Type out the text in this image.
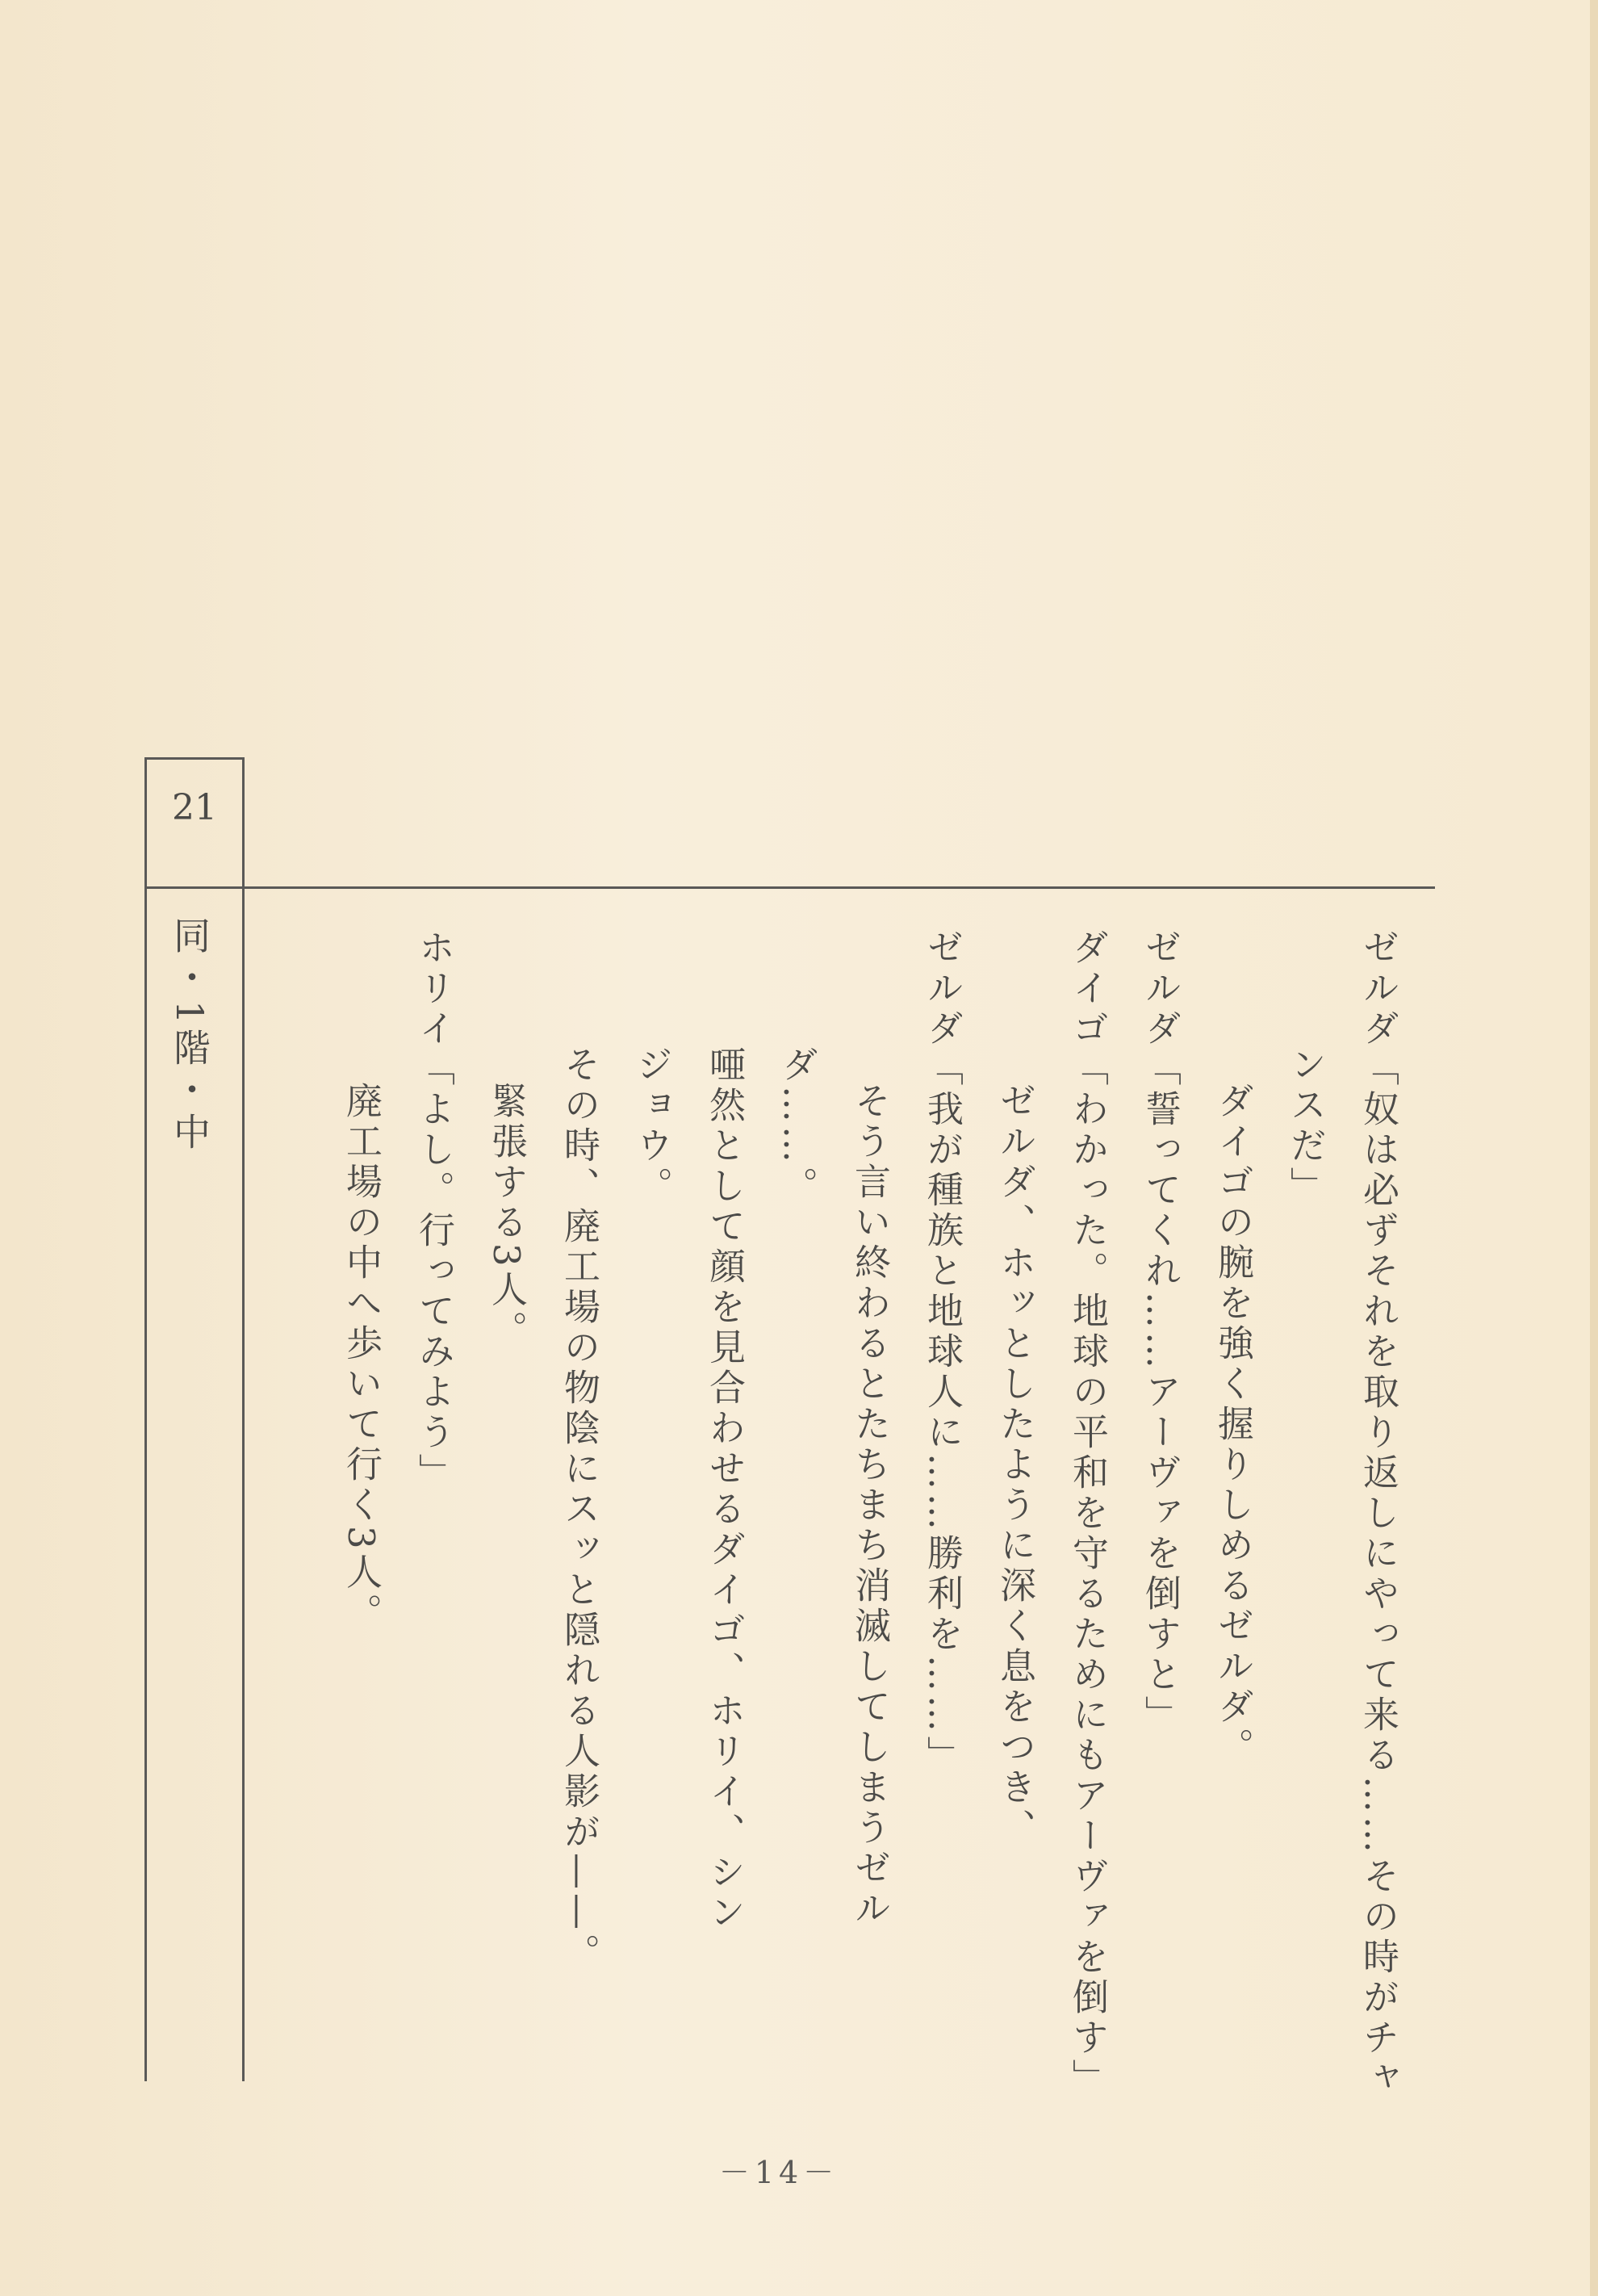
21
同・1階・中	ゼルダ「奴は必ずそれを取り返しにやって来る……その時がチャ
ンスだ」
ダイゴの腕を強く握りしめるゼルダ。
ゼルダ「誓ってくれ……アーヴァを倒すと」
ダイゴ「わかった。地球の平和を守るためにもアーヴァを倒す」
ゼルダ、ホッとしたように深く息をつき、
ゼルダ「我が種族と地球人に……勝利を……」
そう言い終わるとたちまち消滅してしまうゼル
ダ……。
唖然として顔を見合わせるダイゴ、ホリイ、シン
ジョウ。
その時、廃工場の物陰にスッと隠れる人影が——。
緊張する3人。
ホリイ「よし。行ってみよう」
廃工場の中へ歩いて行く3人。
－14－
